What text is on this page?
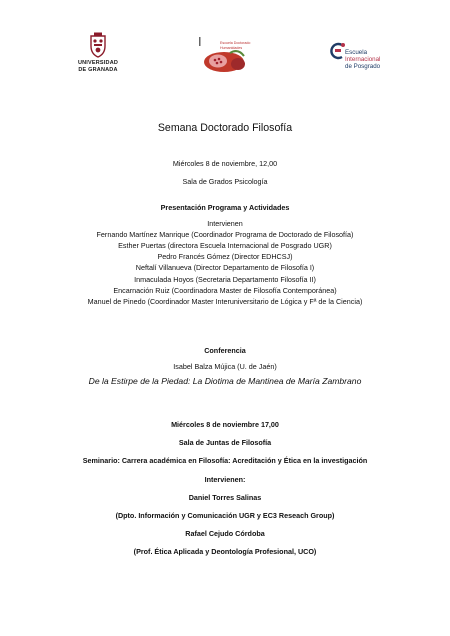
UNIVERSIDAD
DE GRANADA
Escuela Doctorado
Humanidades
Escuela
Internacional
de Posgrado
Semana Doctorado Filosofía
Miércoles 8 de noviembre, 12,00
Sala de Grados Psicología
Presentación Programa y Actividades
Intervienen
Fernando Martínez Manrique (Coordinador Programa de Doctorado de Filosofía)
Esther Puertas (directora Escuela Internacional de Posgrado UGR)
Pedro Francés Gómez (Director EDHCSJ)
Neftalí Villanueva (Director Departamento de Filosofía I)
Inmaculada Hoyos (Secretaria Departamento Filosofía II)
Encarnación Ruiz (Coordinadora Master de Filosofía Contemporánea)
Manuel de Pinedo (Coordinador Master Interuniversitario de Lógica y Fª de la Ciencia)
Conferencia
Isabel Balza Mújica (U. de Jaén)
De la Estirpe de la Piedad: La Diotima de Mantinea de María Zambrano
Miércoles 8 de noviembre 17,00
Sala de Juntas de Filosofía
Seminario: Carrera académica en Filosofía: Acreditación y Ética en la investigación
Intervienen:
Daniel Torres Salinas
(Dpto. Información y Comunicación UGR y EC3 Reseach Group)
Rafael Cejudo Córdoba
(Prof. Ética Aplicada y Deontología Profesional, UCO)
